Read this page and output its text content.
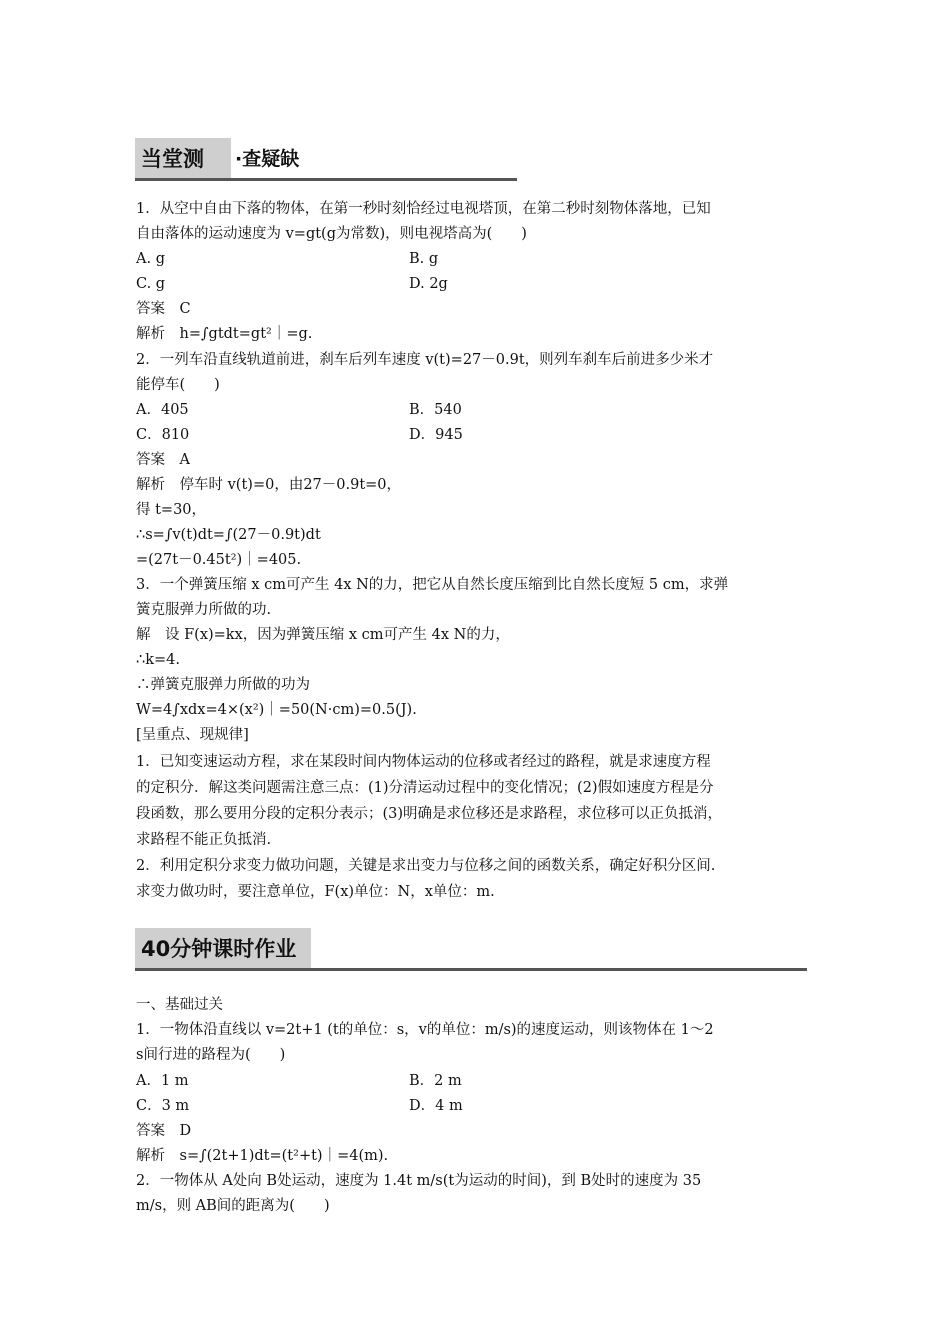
当堂测 ·查疑缺
1．从空中自由下落的物体，在第一秒时刻恰经过电视塔顶，在第二秒时刻物体落地，已知
自由落体的运动速度为 v=gt(g为常数)，则电视塔高为(　　)
A. g	B. g
C. g	D. 2g
答案　C
解析　h=∫gtdt=gt²｜=g.
2．一列车沿直线轨道前进，刹车后列车速度 v(t)=27－0.9t，则列车刹车后前进多少米才
能停车(　　)
A．405	B．540
C．810	D．945
答案　A
解析　停车时 v(t)=0，由27－0.9t=0，
得 t=30，
∴s=∫v(t)dt=∫(27－0.9t)dt
=(27t－0.45t²)｜=405.
3．一个弹簧压缩 x cm可产生 4x N的力，把它从自然长度压缩到比自然长度短 5 cm，求弹
簧克服弹力所做的功.
解　设 F(x)=kx，因为弹簧压缩 x cm可产生 4x N的力，
∴k=4.
∴弹簧克服弹力所做的功为
W=4∫xdx=4×(x²)｜=50(N·cm)=0.5(J).
[呈重点、现规律]
1．已知变速运动方程，求在某段时间内物体运动的位移或者经过的路程，就是求速度方程
的定积分．解这类问题需注意三点：(1)分清运动过程中的变化情况；(2)假如速度方程是分
段函数，那么要用分段的定积分表示；(3)明确是求位移还是求路程，求位移可以正负抵消，
求路程不能正负抵消.
2．利用定积分求变力做功问题，关键是求出变力与位移之间的函数关系，确定好积分区间.
求变力做功时，要注意单位，F(x)单位：N，x单位：m.
40分钟课时作业
一、基础过关
1．一物体沿直线以 v=2t+1 (t的单位：s，v的单位：m/s)的速度运动，则该物体在 1～2
s间行进的路程为(　　)
A．1 m	B．2 m
C．3 m	D．4 m
答案　D
解析　s=∫(2t+1)dt=(t²+t)｜=4(m).
2．一物体从 A处向 B处运动，速度为 1.4t m/s(t为运动的时间)，到 B处时的速度为 35
m/s，则 AB间的距离为(　　)
